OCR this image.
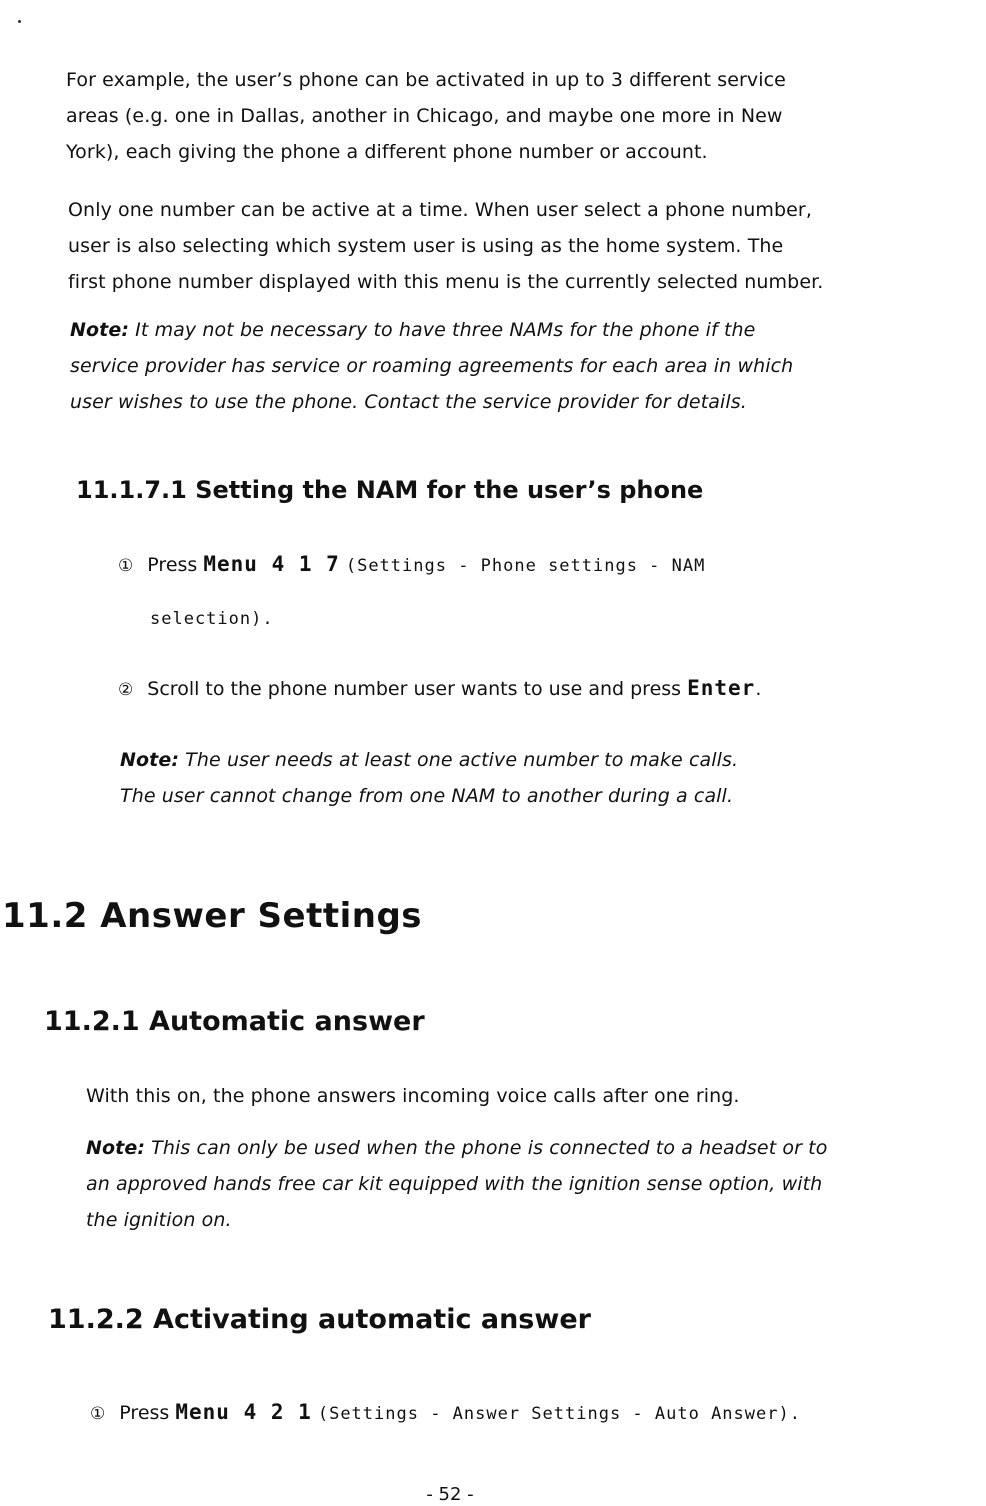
For example, the user’s phone can be activated in up to 3 different service
areas (e.g. one in Dallas, another in Chicago, and maybe one more in New
York), each giving the phone a different phone number or account.
Only one number can be active at a time. When user select a phone number,
user is also selecting which system user is using as the home system. The
first phone number displayed with this menu is the currently selected number.
Note: It may not be necessary to have three NAMs for the phone if the
service provider has service or roaming agreements for each area in which
user wishes to use the phone. Contact the service provider for details.
11.1.7.1 Setting the NAM for the user’s phone
① Press Menu 4 1 7 (Settings - Phone settings - NAM
selection).
② Scroll to the phone number user wants to use and press Enter.
Note: The user needs at least one active number to make calls.
The user cannot change from one NAM to another during a call.
11.2 Answer Settings
11.2.1 Automatic answer
With this on, the phone answers incoming voice calls after one ring.
Note: This can only be used when the phone is connected to a headset or to
an approved hands free car kit equipped with the ignition sense option, with
the ignition on.
11.2.2 Activating automatic answer
① Press Menu 4 2 1 (Settings - Answer Settings - Auto Answer).
- 52 -
